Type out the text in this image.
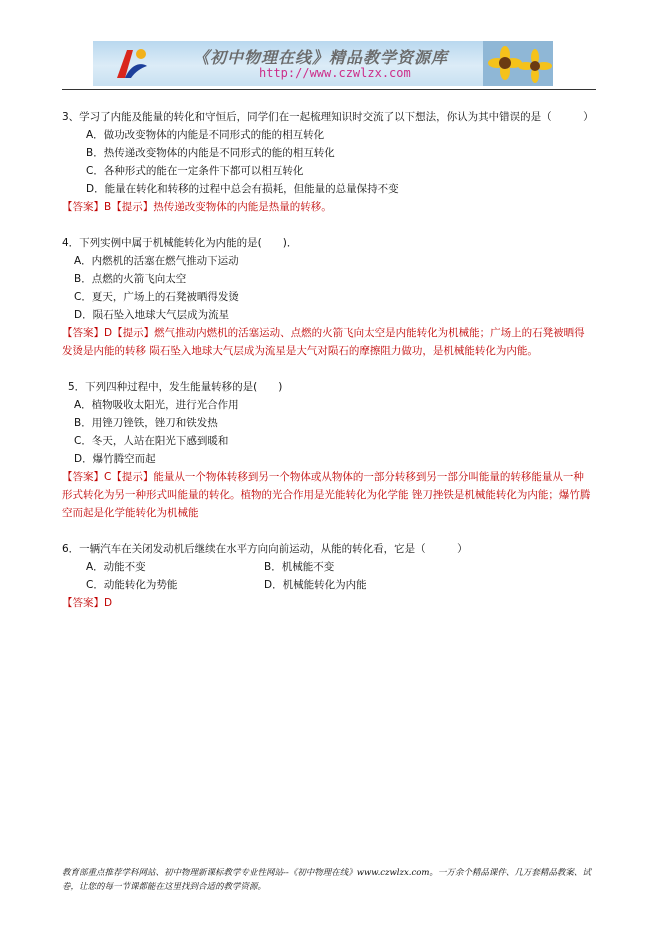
《初中物理在线》精品教学资源库
http://www.czwlzx.com
3、学习了内能及能量的转化和守恒后，同学们在一起梳理知识时交流了以下想法，你认为其中错误的是（　　　）
A．做功改变物体的内能是不同形式的能的相互转化
B．热传递改变物体的内能是不同形式的能的相互转化
C．各种形式的能在一定条件下都可以相互转化
D．能量在转化和转移的过程中总会有损耗，但能量的总量保持不变
【答案】B【提示】热传递改变物体的内能是热量的转移。
4．下列实例中属于机械能转化为内能的是(　　)．
A．内燃机的活塞在燃气推动下运动
B．点燃的火箭飞向太空
C．夏天，广场上的石凳被晒得发烫
D．陨石坠入地球大气层成为流星
【答案】D【提示】燃气推动内燃机的活塞运动、点燃的火箭飞向太空是内能转化为机械能；广场上的石凳被晒得发烫是内能的转移 陨石坠入地球大气层成为流星是大气对陨石的摩擦阻力做功，是机械能转化为内能。
5．下列四种过程中，发生能量转移的是(　　)
A．植物吸收太阳光，进行光合作用
B．用锉刀锉铁，锉刀和铁发热
C．冬天，人站在阳光下感到暖和
D．爆竹腾空而起
【答案】C【提示】能量从一个物体转移到另一个物体或从物体的一部分转移到另一部分叫能量的转移能量从一种形式转化为另一种形式叫能量的转化。植物的光合作用是光能转化为化学能 锉刀挫铁是机械能转化为内能；爆竹腾空而起是化学能转化为机械能
6．一辆汽车在关闭发动机后继续在水平方向向前运动，从能的转化看，它是（　　　）
A．动能不变	B．机械能不变
C．动能转化为势能	D．机械能转化为内能
【答案】D
教育部重点推荐学科网站、初中物理新课标教学专业性网站--《初中物理在线》www.czwlzx.com。一万余个精品课件、几万套精品教案、试卷，让您的每一节课都能在这里找到合适的教学资源。
